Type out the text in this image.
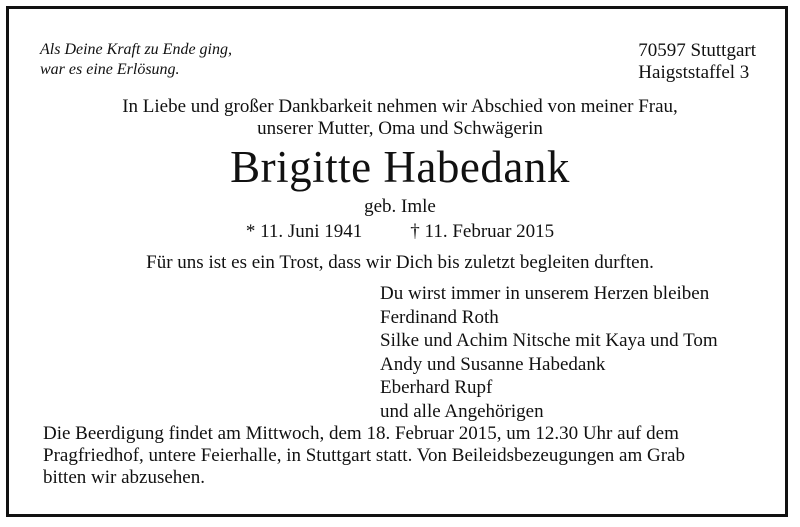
Als Deine Kraft zu Ende ging,
war es eine Erlösung.
70597 Stuttgart
Haigststaffel 3
In Liebe und großer Dankbarkeit nehmen wir Abschied von meiner Frau,
unserer Mutter, Oma und Schwägerin
Brigitte Habedank
geb. Imle
* 11. Juni 1941	† 11. Februar 2015
Für uns ist es ein Trost, dass wir Dich bis zuletzt begleiten durften.
Du wirst immer in unserem Herzen bleiben
Ferdinand Roth
Silke und Achim Nitsche mit Kaya und Tom
Andy und Susanne Habedank
Eberhard Rupf
und alle Angehörigen
Die Beerdigung findet am Mittwoch, dem 18. Februar 2015, um 12.30 Uhr auf dem
Pragfriedhof, untere Feierhalle, in Stuttgart statt. Von Beileidsbezeugungen am Grab
bitten wir abzusehen.
